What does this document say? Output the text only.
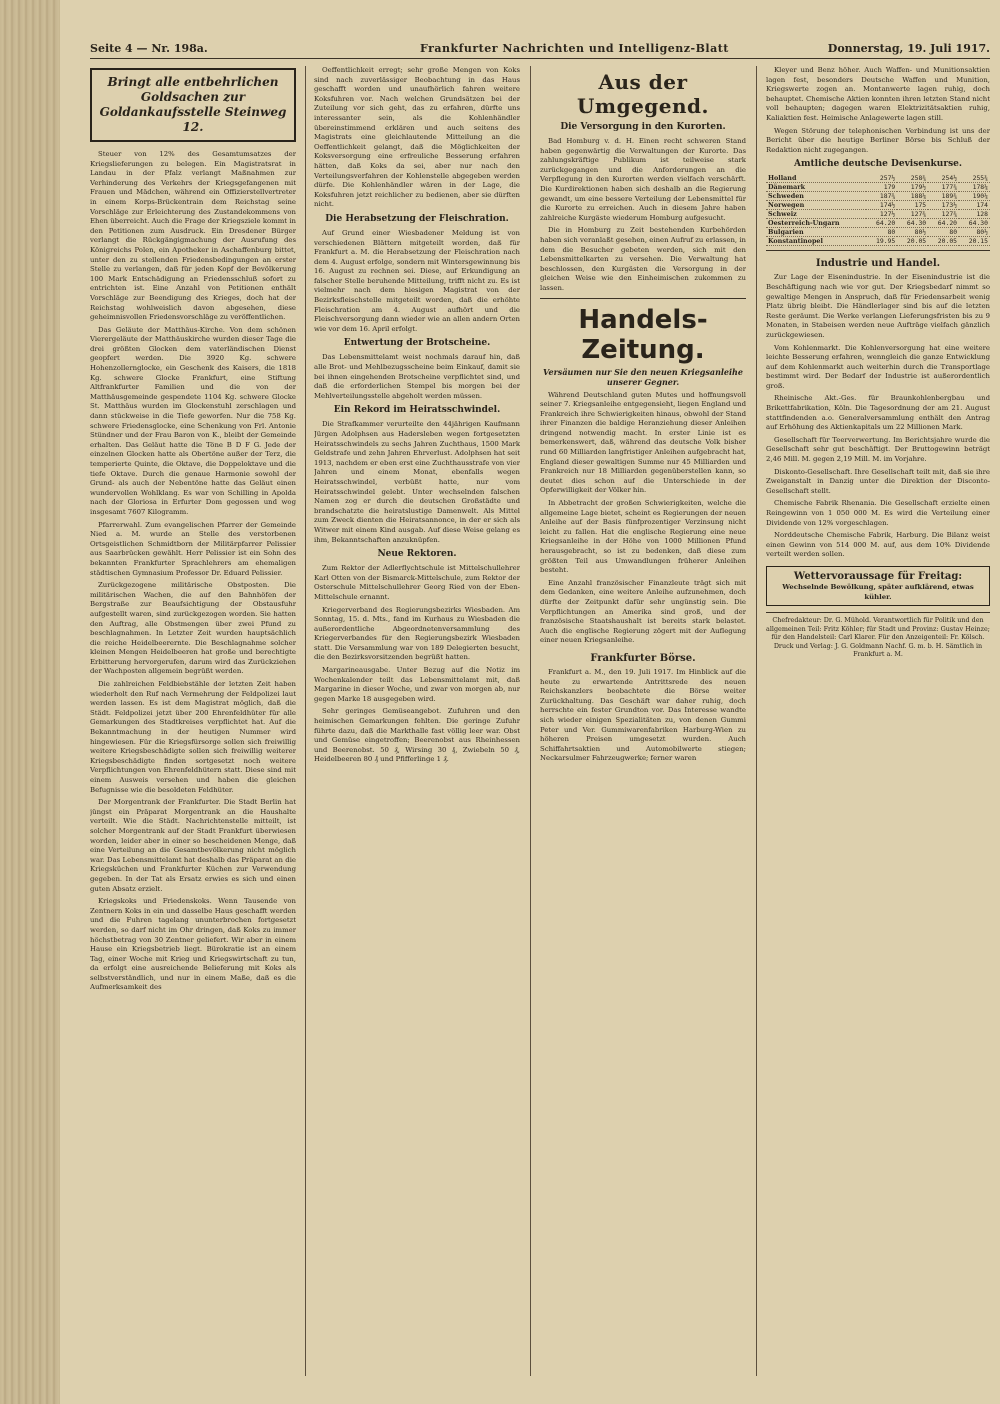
Seite 4 — Nr. 198a.	Frankfurter Nachrichten und Intelligenz-Blatt	Donnerstag, 19. Juli 1917.
Bringt alle entbehrlichen Goldsachen zur Goldankaufsstelle Steinweg 12.

Steuer von 12% des Gesamtumsatzes der Kriegslieferungen zu belegen. Ein Magistratsrat in Landau in der Pfalz verlangt Maßnahmen zur Verhinderung des Verkehrs der Kriegsgefangenen mit Frauen und Mädchen, während ein Offizierstellvertreter in einem Korps-Brückentrain dem Reichstag seine Vorschläge zur Erleichterung des Zustandekommens von Ehen überreicht. Auch die Frage der Kriegsziele kommt in den Petitionen zum Ausdruck. Ein Dresdener Bürger verlangt die Rückgängigmachung der Ausrufung des Königreichs Polen, ein Apotheker in Aschaffenburg bittet, unter den zu stellenden Friedensbedingungen an erster Stelle zu verlangen, daß für jeden Kopf der Bevölkerung 100 Mark Entschädigung an Friedensschluß sofort zu entrichten ist. Eine Anzahl von Petitionen enthält Vorschläge zur Beendigung des Krieges, doch hat der Reichstag wohlweislich davon abgesehen, diese geheimnisvollen Friedensvorschläge zu veröffentlichen.

Das Geläute der Matthäus-Kirche. Von dem schönen Vierergeläute der Matthäuskirche wurden dieser Tage die drei größten Glocken dem vaterländischen Dienst geopfert werden. Die 3920 Kg. schwere Hohenzollernglocke, ein Geschenk des Kaisers, die 1818 Kg. schwere Glocke Frankfurt, eine Stiftung Altfrankfurter Familien und die von der Matthäusgemeinde gespendete 1104 Kg. schwere Glocke St. Matthäus wurden im Glockenstuhl zerschlagen und dann stückweise in die Tiefe geworfen. Nur die 758 Kg. schwere Friedensglocke, eine Schenkung von Frl. Antonie Stündner und der Frau Baron von K., bleibt der Gemeinde erhalten. Das Geläut hatte die Töne B D F G. Jede der einzelnen Glocken hatte als Obertöne außer der Terz, die temperierte Quinte, die Oktave, die Doppeloktave und die tiefe Oktave. Durch die genaue Harmonie sowohl der Grund- als auch der Nebentöne hatte das Geläut einen wundervollen Wohlklang. Es war von Schilling in Apolda nach der Gloriosa in Erfurter Dom gegossen und wog insgesamt 7607 Kilogramm.

Pfarrerwahl. Zum evangelischen Pfarrer der Gemeinde Nied a. M. wurde an Stelle des verstorbenen Ortsgeistlichen Schmidtborn der Militärpfarrer Pelissier aus Saarbrücken gewählt. Herr Pelissier ist ein Sohn des bekannten Frankfurter Sprachlehrers am ehemaligen städtischen Gymnasium Professor Dr. Eduard Pelissier.

Zurückgezogene militärische Obstposten. Die militärischen Wachen, die auf den Bahnhöfen der Bergstraße zur Beaufsichtigung der Obstausfuhr aufgestellt waren, sind zurückgezogen worden. Sie hatten den Auftrag, alle Obstmengen über zwei Pfund zu beschlagnahmen. In Letzter Zeit wurden hauptsächlich die reiche Heidelbeerernte. Die Beschlagnahme solcher kleinen Mengen Heidelbeeren hat große und berechtigte Erbitterung hervorgerufen, darum wird das Zurückziehen der Wachposten allgemein begrüßt werden.

Die zahlreichen Feldbiebstähle der letzten Zeit haben wiederholt den Ruf nach Vermehrung der Feldpolizei laut werden lassen. Es ist dem Magistrat möglich, daß die Städt. Feldpolizei jetzt über 200 Ehrenfeldhüter für alle Gemarkungen des Stadtkreises verpflichtet hat. Auf die Bekanntmachung in der heutigen Nummer wird hingewiesen. Für die Kriegsfürsorge sollen sich freiwillig weitere Kriegsbeschädigte sollen sich freiwillig weiterer Kriegsbeschädigte finden sortgesetzt noch weitere Verpflichtungen von Ehrenfeldhütern statt. Diese sind mit einem Ausweis versehen und haben die gleichen Befugnisse wie die besoldeten Feldhüter.

Der Morgentrank der Frankfurter. Die Stadt Berlin hat jüngst ein Präparat Morgentrank an die Haushalte verteilt. Wie die Städt. Nachrichtenstelle mitteilt, ist solcher Morgentrank auf der Stadt Frankfurt überwiesen worden, leider aber in einer so bescheidenen Menge, daß eine Verteilung an die Gesamtbevölkerung nicht möglich war. Das Lebensmittelamt hat deshalb das Präparat an die Kriegsküchen und Frankfurter Küchen zur Verwendung gegeben. In der Tat als Ersatz erwies es sich und einen guten Absatz erzielt.

Kriegskoks und Friedenskoks. Wenn Tausende von Zentnern Koks in ein und dasselbe Haus geschafft werden und die Fuhren tagelang ununterbrochen fortgesetzt werden, so darf nicht im Ohr dringen, daß Koks zu immer höchstbetrag von 30 Zentner geliefert. Wir aber in einem Hause ein Kriegsbetrieb liegt. Bürokratie ist an einem Tag, einer Woche mit Krieg und Kriegswirtschaft zu tun, da erfolgt eine ausreichende Belieferung mit Koks als selbstverständlich, und nur in einem Maße, daß es die Aufmerksamkeit des

Oeffentlichkeit erregt; sehr große Mengen von Koks sind nach zuverlässiger Beobachtung in das Haus geschafft worden und unaufhörlich fahren weitere Koksfuhren vor. Nach welchen Grundsätzen bei der Zuteilung vor sich geht, das zu erfahren, dürfte uns interessanter sein, als die Kohlenhändler übereinstimmend erklären und auch seitens des Magistrats eine gleichlautende Mitteilung an die Oeffentlichkeit gelangt, daß die Möglichkeiten der Koksversorgung eine erfreuliche Besserung erfahren hätten, daß Koks da sei, aber nur nach den Verteilungsverfahren der Kohlenstelle abgegeben werden dürfe. Die Kohlenhändler wären in der Lage, die Koksfuhren jetzt reichlicher zu bedienen, aber sie dürften nicht.

Die Herabsetzung der Fleischration.

Auf Grund einer Wiesbadener Meldung ist von verschiedenen Blättern mitgeteilt worden, daß für Frankfurt a. M. die Herabsetzung der Fleischration nach dem 4. August erfolge, sondern mit Wintersgewinnung bis 16. August zu rechnen sei. Diese, auf Erkundigung an falscher Stelle beruhende Mitteilung, trifft nicht zu. Es ist vielmehr nach dem hiesigen Magistrat von der Bezirksfleischstelle mitgeteilt worden, daß die erhöhte Fleischration am 4. August aufhört und die Fleischversorgung dann wieder wie an allen andern Orten wie vor dem 16. April erfolgt.

Entwertung der Brotscheine.

Das Lebensmittelamt weist nochmals darauf hin, daß alle Brot- und Mehlbezugsscheine beim Einkauf, damit sie bei ihnen eingehenden Brotscheine verpflichtet sind, und daß die erforderlichen Stempel bis morgen bei der Mehlverteilungsstelle abgeholt werden müssen.

Ein Rekord im Heiratsschwindel.

Die Strafkammer verurteilte den 44jährigen Kaufmann Jürgen Adolphsen aus Hadersleben wegen fortgesetzten Heiratsschwindels zu sechs Jahren Zuchthaus, 1500 Mark Geldstrafe und zehn Jahren Ehrverlust. Adolphsen hat seit 1913, nachdem er eben erst eine Zuchthausstrafe von vier Jahren und einem Monat, ebenfalls wegen Heiratsschwindel, verbüßt hatte, nur vom Heiratsschwindel gelebt. Unter wechselnden falschen Namen zog er durch die deutschen Großstädte und brandschatzte die heiratslustige Damenwelt. Als Mittel zum Zweck dienten die Heiratsannonce, in der er sich als Witwer mit einem Kind ausgab. Auf diese Weise gelang es ihm, Bekanntschaften anzuknüpfen.

Neue Rektoren.

Zum Rektor der Adlerflychtschule ist Mittelschullehrer Karl Otten von der Bismarck-Mittelschule, zum Rektor der Osterschule Mittelschullehrer Georg Ried von der Eben-Mittelschule ernannt.

Kriegerverband des Regierungsbezirks Wiesbaden. Am Sonntag, 15. d. Mts., fand im Kurhaus zu Wiesbaden die außerordentliche Abgeordnetenversammlung des Kriegerverbandes für den Regierungsbezirk Wiesbaden statt. Die Versammlung war von 189 Delegierten besucht, die den Bezirksvorsitzenden begrüßt hatten.

Margarineausgabe. Unter Bezug auf die Notiz im Wochenkalender teilt das Lebensmittelamt mit, daß Margarine in dieser Woche, und zwar von morgen ab, nur gegen Marke 18 ausgegeben wird.

Sehr geringes Gemüseangebot. Zufuhren und den heimischen Gemarkungen fehlten. Die geringe Zufuhr führte dazu, daß die Markthalle fast völlig leer war. Obst und Gemüse eingetroffen; Beerenobst aus Rheinhessen und Beerenobst. 50 ₰, Wirsing 30 ₰, Zwiebeln 50 ₰, Heidelbeeren 80 ₰ und Pfifferlinge 1 ₰.

Aus der Umgegend.
Die Versorgung in den Kurorten.

Bad Homburg v. d. H. Einen recht schweren Stand haben gegenwärtig die Verwaltungen der Kurorte. Das zahlungskräftige Publikum ist teilweise stark zurückgegangen und die Anforderungen an die Verpflegung in den Kurorten werden vielfach verschärft. Die Kurdirektionen haben sich deshalb an die Regierung gewandt, um eine bessere Verteilung der Lebensmittel für die Kurorte zu erreichen. Auch in diesem Jahre haben zahlreiche Kurgäste wiederum Homburg aufgesucht.

Die in Homburg zu Zeit bestehenden Kurbehörden haben sich veranlaßt gesehen, einen Aufruf zu erlassen, in dem die Besucher gebeten werden, sich mit den Lebensmittelkarten zu versehen. Die Verwaltung hat beschlossen, den Kurgästen die Versorgung in der gleichen Weise wie den Einheimischen zukommen zu lassen.

Handels-Zeitung.
Versäumen nur Sie den neuen Kriegsanleihe unserer Gegner.

Während Deutschland guten Mutes und hoffnungsvoll seiner 7. Kriegsanleihe entgegensieht, liegen England und Frankreich ihre Schwierigkeiten hinaus, obwohl der Stand ihrer Finanzen die baldige Heranziehung dieser Anleihen dringend notwendig macht. In erster Linie ist es bemerkenswert, daß, während das deutsche Volk bisher rund 60 Milliarden langfristiger Anleihen aufgebracht hat, England dieser gewaltigen Summe nur 45 Milliarden und Frankreich nur 18 Milliarden gegenüberstellen kann, so deutet dies schon auf die Unterschiede in der Opferwilligkeit der Völker hin.

In Abbetracht der großen Schwierigkeiten, welche die allgemeine Lage bietet, scheint es Regierungen der neuen Anleihe auf der Basis fünfprozentiger Verzinsung nicht leicht zu fallen. Hat die englische Regierung eine neue Kriegsanleihe in der Höhe von 1000 Millionen Pfund herausgebracht, so ist zu bedenken, daß diese zum größten Teil aus Umwandlungen früherer Anleihen besteht.

Eine Anzahl französischer Finanzleute trägt sich mit dem Gedanken, eine weitere Anleihe aufzunehmen, doch dürfte der Zeitpunkt dafür sehr ungünstig sein. Die Verpflichtungen an Amerika sind groß, und der französische Staatshaushalt ist bereits stark belastet. Auch die englische Regierung zögert mit der Auflegung einer neuen Kriegsanleihe.

Frankfurter Börse.

Frankfurt a. M., den 19. Juli 1917. Im Hinblick auf die heute zu erwartende Antrittsrede des neuen Reichskanzlers beobachtete die Börse weiter Zurückhaltung. Das Geschäft war daher ruhig, doch herrschte ein fester Grundton vor. Das Interesse wandte sich wieder einigen Spezialitäten zu, von denen Gummi Peter und Ver. Gummiwarenfabriken Harburg-Wien zu höheren Preisen umgesetzt wurden. Auch Schiffahrtsaktien und Automobilwerte stiegen; Neckarsulmer Fahrzeugwerke; ferner waren

Kleyer und Benz höher. Auch Waffen- und Munitionsaktien lagen fest, besonders Deutsche Waffen und Munition, Kriegswerte zogen an. Montanwerte lagen ruhig, doch behauptet. Chemische Aktien konnten ihren letzten Stand nicht voll behaupten; dagegen waren Elektrizitätsaktien ruhig, Kaliaktien fest. Heimische Anlagewerte lagen still.

Wegen Störung der telephonischen Verbindung ist uns der Bericht über die heutige Berliner Börse bis Schluß der Redaktion nicht zugegangen.

Amtliche deutsche Devisenkurse.
Holland	257½	258¾	254½	255¾
Dänemark	179	179½	177¾	178¼
Schweden	187¾	188¼	189¾	190¼
Norwegen	174½	175	173½	174
Schweiz	127½	127¾	127¾	128
Oesterreich-Ungarn	64.20	64.30	64.20	64.30
Bulgarien	80	80½	80	80½
Konstantinopel	19.95	20.05	20.05	20.15
Industrie und Handel.

Zur Lage der Eisenindustrie. In der Eisenindustrie ist die Beschäftigung nach wie vor gut. Der Kriegsbedarf nimmt so gewaltige Mengen in Anspruch, daß für Friedensarbeit wenig Platz übrig bleibt. Die Händlerlager sind bis auf die letzten Reste geräumt. Die Werke verlangen Lieferungsfristen bis zu 9 Monaten, in Stabeisen werden neue Aufträge vielfach gänzlich zurückgewiesen.

Vom Kohlenmarkt. Die Kohlenversorgung hat eine weitere leichte Besserung erfahren, wenngleich die ganze Entwicklung auf dem Kohlenmarkt auch weiterhin durch die Transportlage bestimmt wird. Der Bedarf der Industrie ist außerordentlich groß.

Rheinische Akt.-Ges. für Braunkohlenbergbau und Brikettfabrikation, Köln. Die Tagesordnung der am 21. August stattfindenden a.o. Generalversammlung enthält den Antrag auf Erhöhung des Aktienkapitals um 22 Millionen Mark.

Gesellschaft für Teerverwertung. Im Berichtsjahre wurde die Gesellschaft sehr gut beschäftigt. Der Bruttogewinn beträgt 2,46 Mill. M. gegen 2,19 Mill. M. im Vorjahre.

Diskonto-Gesellschaft. Ihre Gesellschaft teilt mit, daß sie ihre Zweiganstalt in Danzig unter die Direktion der Disconto-Gesellschaft stellt.

Chemische Fabrik Rhenania. Die Gesellschaft erzielte einen Reingewinn von 1 050 000 M. Es wird die Verteilung einer Dividende von 12% vorgeschlagen.

Norddeutsche Chemische Fabrik, Harburg. Die Bilanz weist einen Gewinn von 514 000 M. auf, aus dem 10% Dividende verteilt werden sollen.

Wettervoraussage für Freitag:
Wechselnde Bewölkung, später aufklärend, etwas kühler.
Chefredakteur: Dr. G. Mühold. Verantwortlich für Politik und den allgemeinen Teil: Fritz Köhler; für Stadt und Provinz: Gustav Heinze; für den Handelsteil: Carl Klarer. Für den Anzeigenteil: Fr. Kölsch. Druck und Verlag: J. G. Goldmann Nachf. G. m. b. H. Sämtlich in Frankfurt a. M.
